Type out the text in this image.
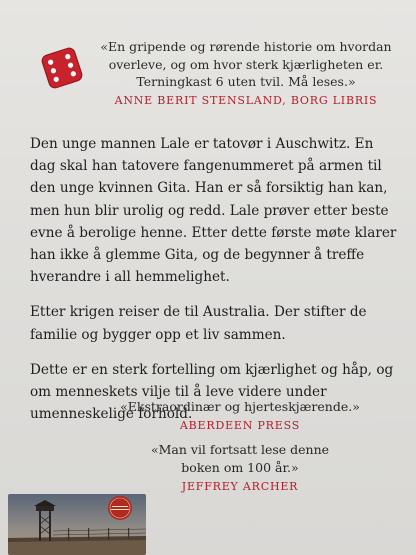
«En gripende og rørende historie om hvordan
overleve, og om hvor sterk kjærligheten er.
Terningkast 6 uten tvil. Må leses.»
ANNE BERIT STENSLAND, BORG LIBRIS

Den unge mannen Lale er tatovør i Auschwitz. En dag skal han tatovere fangenummeret på armen til den unge kvinnen Gita. Han er så forsiktig han kan, men hun blir urolig og redd. Lale prøver etter beste evne å berolige henne. Etter dette første møte klarer han ikke å glemme Gita, og de begynner å treffe hverandre i all hemmelighet.

Etter krigen reiser de til Australia. Der stifter de familie og bygger opp et liv sammen.

Dette er en sterk fortelling om kjærlighet og håp, og om menneskets vilje til å leve videre under umenneskelige forhold.

«Ekstraordinær og hjerteskjærende.»
ABERDEEN PRESS
«Man vil fortsatt lese denne
boken om 100 år.»
JEFFREY ARCHER
